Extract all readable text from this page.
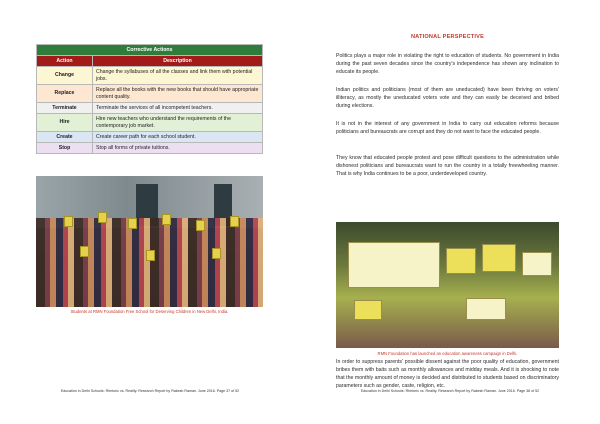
Corrective Actions	
Action	Description
Change	Change the syllabuses of all the classes and link them with potential jobs.
Replace	Replace all the books with the new books that should have appropriate content quality.
Terminate	Terminate the services of all incompetent teachers.
Hire	Hire new teachers who understand the requirements of the contemporary job market.
Create	Create career path for each school student.
Stop	Stop all forms of private tuitions.
Students at RMN Foundation Free School for Deserving Children in New Delhi, India.
Education in Delhi Schools: Rhetoric vs. Reality. Research Report by Rakesh Raman. June 2016. Page 37 of 52
NATIONAL PERSPECTIVE

Politics plays a major role in violating the right to education of students. No government in India during the past seven decades since the country's independence has shown any inclination to educate its people.

Indian politics and politicians (most of them are uneducated) have been thriving on voters' illiteracy, as mostly the uneducated voters vote and they can easily be deceived and bribed during elections.

It is not in the interest of any government in India to carry out education reforms because politicians and bureaucrats are corrupt and they do not want to face the educated people.

They know that educated people protest and pose difficult questions to the administration while dishonest politicians and bureaucrats want to run the country in a totally freewheeling manner. That is why India continues to be a poor, underdeveloped country.

RMN Foundation has launched an education awareness campaign in Delhi.

In order to suppress parents' possible dissent against the poor quality of education, government bribes them with baits such as monthly allowances and midday meals. And it is shocking to note that the monthly amount of money is decided and distributed to students based on discriminatory parameters such as gender, caste, religion, etc.

Education in Delhi Schools: Rhetoric vs. Reality. Research Report by Rakesh Raman. June 2016. Page 38 of 52
